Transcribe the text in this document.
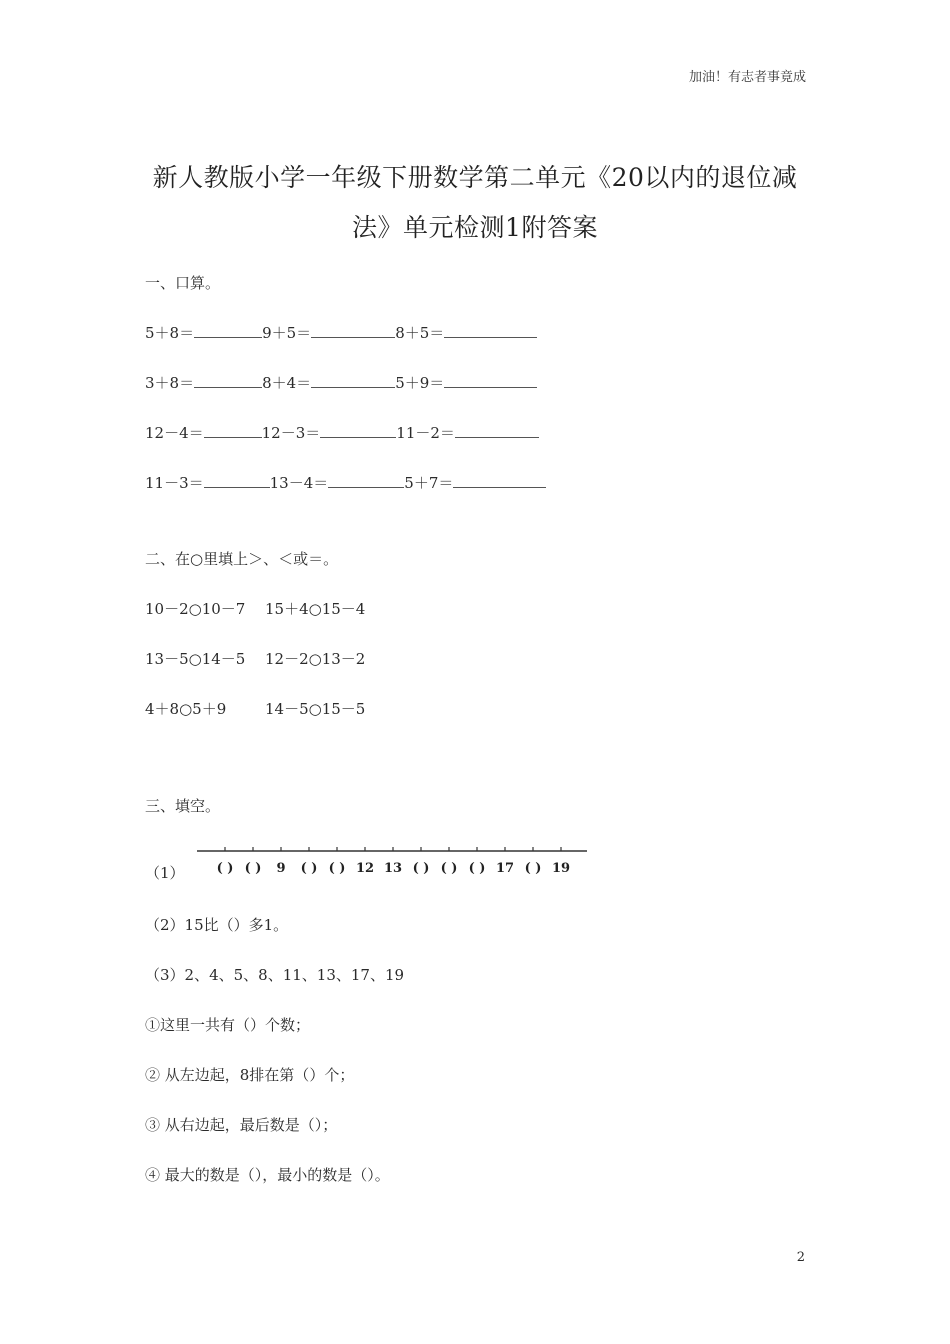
加油！有志者事竟成
新人教版小学一年级下册数学第二单元《20以内的退位减
法》单元检测1附答案
一、口算。
5＋8＝	9＋5＝	8＋5＝
3＋8＝	8＋4＝	5＋9＝
12－4＝	12－3＝	11－2＝
11－3＝	13－4＝	5＋7＝
二、在○里填上＞、＜或＝。
10－2○10－7 15＋4○15－4
13－5○14－5 12－2○13－2
4＋8○5＋9	14－5○15－5
三、填空。
（1） ( ) ( ) 9 ( ) ( ) 12 13 ( ) ( ) ( ) 17 ( ) 19
（2）15比（）多1。
（3）2、4、5、8、11、13、17、19
①这里一共有（）个数；
② 从左边起，8排在第（）个；
③ 从右边起，最后数是（）；
④ 最大的数是（），最小的数是（）。
2
